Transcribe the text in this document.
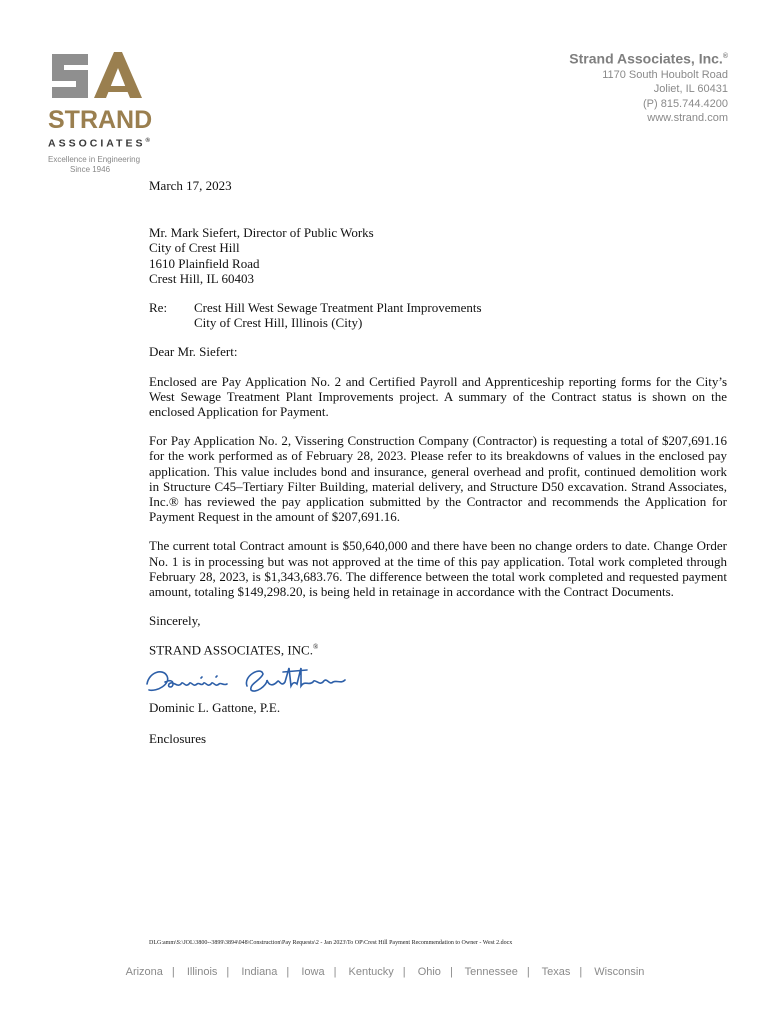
STRAND
ASSOCIATES®
Excellence in Engineering
Since 1946
Strand Associates, Inc.®
1170 South Houbolt Road
Joliet, IL 60431
(P) 815.744.4200
www.strand.com

March 17, 2023

Mr. Mark Siefert, Director of Public Works
City of Crest Hill
1610 Plainfield Road
Crest Hill, IL 60403
Re:	Crest Hill West Sewage Treatment Plant Improvements
City of Crest Hill, Illinois (City)

Dear Mr. Siefert:

Enclosed are Pay Application No. 2 and Certified Payroll and Apprenticeship reporting forms for the City’s West Sewage Treatment Plant Improvements project. A summary of the Contract status is shown on the enclosed Application for Payment.

For Pay Application No. 2, Vissering Construction Company (Contractor) is requesting a total of $207,691.16 for the work performed as of February 28, 2023. Please refer to its breakdowns of values in the enclosed pay application. This value includes bond and insurance, general overhead and profit, continued demolition work in Structure C45–Tertiary Filter Building, material delivery, and Structure D50 excavation. Strand Associates, Inc.® has reviewed the pay application submitted by the Contractor and recommends the Application for Payment Request in the amount of $207,691.16.

The current total Contract amount is $50,640,000 and there have been no change orders to date. Change Order No. 1 is in processing but was not approved at the time of this pay application. Total work completed through February 28, 2023, is $1,343,683.76. The difference between the total work completed and requested payment amount, totaling $149,298.20, is being held in retainage in accordance with the Contract Documents.

Sincerely,

STRAND ASSOCIATES, INC.®

Dominic L. Gattone, P.E.

Enclosures

DLG:amm\S:\JOL\3800--3899\3894\048\Construction\Pay Requests\2 - Jan 2023\To OP\Crest Hill Payment Recommendation to Owner - West 2.docx
Arizona | Illinois | Indiana | Iowa | Kentucky | Ohio | Tennessee | Texas | Wisconsin
